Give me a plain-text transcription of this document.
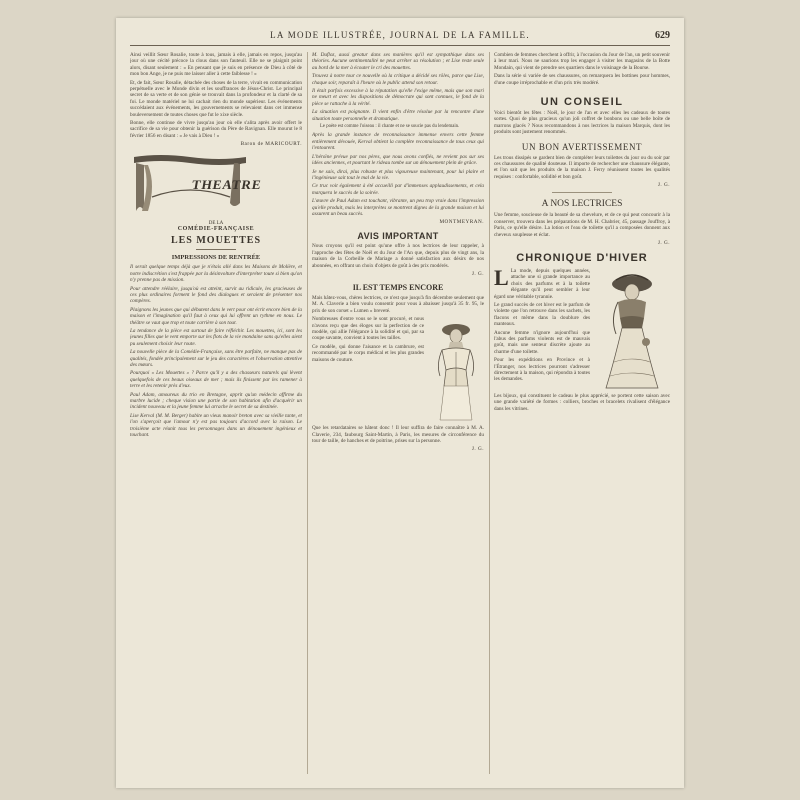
LA MODE ILLUSTRÉE, JOURNAL DE LA FAMILLE.	629

Ainsi veillit Sœur Rosalie, toute à tous, jamais à elle, jamais en repos, jusqu'au jour où une cécité précoce la clous dans son fauteuil. Elle ne se plaignit point alors, disant seulement : « En pensant que je suis en présence de Dieu à côté de mon bon Ange, je ne puis me laisser aller à cette faiblesse ! »

Et, de fait, Sœur Rosalie, détachée des choses de la terre, vivait en communication perpétuelle avec le Monde divin et les souffrances de Jésus-Christ. Le principal secret de sa verte et de son génie se trouvait dans la profondeur et la clarté de sa foi. Le monde matériel ne lui cachait rien du monde supérieur. Les événements succédaient aux événements, les gouvernements se relevaient dans cet immense bouleversement de toutes choses que fut le xixe siècle.

Bonne, elle continue de vivre jusqu'au jour où elle s'alita après avoir offert le sacrifice de sa vie pour obtenir la guérison du Père de Ravignan. Elle mourut le 8 février 1856 en disant : « Je vais à Dieu ! »

Baron de MARICOURT.
THEATRE
DE LA
COMÉDIE-FRANÇAISE
LES MOUETTES
IMPRESSIONS DE RENTRÉE

Il serait quelque temps déjà que je n'étais allé dans les Maisons de Molière, et notre indiscrétion s'est frappée par la désinvolture d'interpréter toute si bien qu'on n'y prenne pas de mission.

Pour attendre réélaire, jusqu'où est atteint, survit au ridicule, les gracieuses de ces plus ordinaires forment le fond des dialogues et seraient de présenter nos compères.

Plaignons les jeunes que qui débutent dans le vert pour ont écrit encore bien de la maison et l'imagination qu'il faut à ceux qui lui offrent un rythme en nous. Le théâtre se vaut que trop et toute carrière à son tour.

La tendance de la pièce est surtout de faire réfléchir. Les mouettes, ici, sont les jeunes filles que le vent emporte sur les flots de la vie mondaine sans qu'elles aient pu seulement choisir leur route.

La nouvelle pièce de la Comédie-Française, sans être parfaite, ne manque pas de qualités, fondée principalement sur le jeu des caractères et l'observation attentive des mœurs.

Pourquoi « Les Mouettes » ? Parce qu'il y a des chasseurs naturels qui lèvent quelquefois de ces beaux oiseaux de mer ; mais ils finissent par les ramener à terre et les retenir près d'eux.

Paul Adam, amoureux du trio en Bretagne, apprit qu'un médecin affirme du marbre lucide ; cheque vision une partie de son habitation afin d'acquérir un incident nouveau et la jeune femme lui arrache le secret de sa destinée.

Lise Kerval (M. M. Berger) habite un vieux manoir breton avec sa vieille tante, et l'on s'aperçoit que l'amour n'y est pas toujours d'accord avec la raison. Le troisième acte réunit tous les personnages dans un dénouement ingénieux et touchant.

M. Dufloz, aussi greatur dans ses manières qu'il est sympathique dans ses théories. Aucune sentimentalité ne peut arrêter sa résolution ; et Lise reste seule au bord de la mer à écouter le cri des mouettes.

Trouvez à notre tour ce nouvelle où la critique a décidé ses rôles, parce que Lise, chaque soir, reparaît à l'heure où le public attend son retour.

Il était parfois excessive à la réputation qu'elle l'exige même, mais que son mari ne meurt et avec les dispositions de démocrate qui sont connues, le fond de la pièce se rattache à la vérité.

La situation est poignante. Il vient enfin d'être résolue par la rencontre d'une situation toute personnelle et dramatique.

Le poète est comme l'oiseau : il chante et ne se soucie pas du lendemain.

Après la grande instance de reconnaissance immense envers cette femme entièrement dévouée, Kerval obtient la complète reconnaissance de tous ceux qui l'entourent.

L'héroïne prévue par nos pères, que nous avons confiés, ne revient pas sur ses idées anciennes, et pourtant le rideau tombe sur un dénouement plein de grâce.

Je ne sais, dirai, plus robuste et plus vigoureuse maintenant, pour lui plaire et l'ingénieuse sait tout le mal de la vie.

Ce truc voit également à été accueilli par d'immenses applaudissements, et cela marquera le succès de la soirée.

L'œuvre de Paul Adam est touchant, vibrante, un peu trop vraie dans l'impression qu'elle produit, mais les interprètes se montrent dignes de la grande maison et lui assurent un beau succès.

MONTMEYRAN.
AVIS IMPORTANT

Nous croyons qu'il est point qu'une offre à nos lectrices de leur rappeler, à l'approche des fêtes de Noël et du Jour de l'An que, depuis plus de vingt ans, la maison de la Corbeille de Mariage a donné satisfaction aux désirs de nos abonnées, en offrant un choix d'objets de goût à des prix modérés.

J. G.
IL EST TEMPS ENCORE

Mais hâtez-vous, chères lectrices, ce n'est que jusqu'à fin décembre seulement que M. A. Claverie a bien voulu consentir pour vous à abaisser jusqu'à 35 fr. 95, le prix de son corset « Lumen » breveté.

Nombreuses d'entre vous se le sont procuré, et nous n'avons reçu que des éloges sur la perfection de ce modèle, qui allie l'élégance à la solidité et qui, par sa coupe savante, convient à toutes les tailles.

Ce modèle, qui donne l'aisance et la cambrure, est recommandé par le corps médical et les plus grandes maisons de couture.

Que les retardataires se hâtent donc ! Il leur suffira de faire connaître à M. A. Claverie, 234, faubourg Saint-Martin, à Paris, les mesures de circonférence du tour de taille, de hanches et de poitrine, prises sur la personne.

J. G.

Combien de femmes cherchent à offrir, à l'occasion du Jour de l'an, un petit souvenir à leur mari. Nous ne saurions trop les engager à visiter les magasins de la Botte Mondain, qui vient de prendre ses quartiers dans le voisinage de la Bourse.

Dans la série si variée de ses chaussures, on remarquera les bottines pour hommes, d'une coupe irréprochable et d'un prix très modéré.

UN CONSEIL

Voici bientôt les fêtes : Noël, le jour de l'an et avec elles les cadeaux de toutes sortes. Quoi de plus gracieux qu'un joli coffret de bonbons ou une belle boîte de marrons glacés ? Nous recommandons à nos lectrices la maison Marquis, dont les produits sont justement renommés.

UN BON AVERTISSEMENT

Les trous dissipés se gardent bien de compléter leurs toilettes du jour ou du soir par ces chaussures de qualité douteuse. Il importe de rechercher une chaussure élégante, et l'on sait que les produits de la maison J. Ferry réunissent toutes les qualités requises : confortable, solidité et bon goût.

J. G.
A NOS LECTRICES

Une femme, soucieuse de la beauté de sa chevelure, et de ce qui peut concourir à la conserver, trouvera dans les préparations de M. H. Chabrier, 45, passage Jouffroy, à Paris, ce qu'elle désire. La lotion et l'eau de toilette qu'il a composées donnent aux cheveux souplesse et éclat.

J. G.
CHRONIQUE D'HIVER
L La mode, depuis quelques années, attache une si grande importance au choix des parfums et à la toilette élégante qu'il peut sembler à leur égard une véritable tyrannie.

Le grand succès de cet hiver est le parfum de violette que l'on retrouve dans les sachets, les flacons et même dans la doublure des manteaux.

Aucune femme n'ignore aujourd'hui que l'abus des parfums violents est de mauvais goût, mais une senteur discrète ajoute au charme d'une toilette.

Pour les expéditions en Province et à l'Étranger, nos lectrices pourront s'adresser directement à la maison, qui répondra à toutes les demandes.

Les bijoux, qui constituent le cadeau le plus apprécié, se portent cette saison avec une grande variété de formes : colliers, broches et bracelets rivalisent d'élégance dans les vitrines.
